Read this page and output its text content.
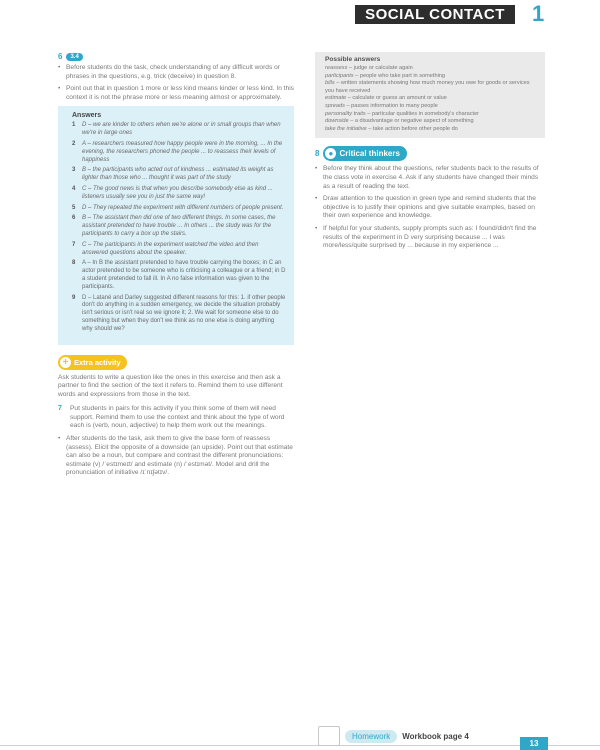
SOCIAL CONTACT	1
6	3.4
• Before students do the task, check understanding of any difficult words or phrases in the questions, e.g. trick (deceive) in question 8.
• Point out that in question 1 more or less kind means kinder or less kind. In this context it is not the phrase more or less meaning almost or approximately.
Answers
1	D – we are kinder to others when we're alone or in small groups than when we're in large ones
2	A – researchers measured how happy people were in the morning, ... In the evening, the researchers phoned the people ... to reassess their levels of happiness
3	B – the participants who acted out of kindness ... estimated its weight as lighter than those who ... thought it was part of the study
4	C – The good news is that when you describe somebody else as kind ... listeners usually see you in just the same way!
5	D – They repeated the experiment with different numbers of people present.
6	B – The assistant then did one of two different things. In some cases, the assistant pretended to have trouble ... In others ... the study was for the participants to carry a box up the stairs.
7	C – The participants in the experiment watched the video and then answered questions about the speaker.
8	A – In B the assistant pretended to have trouble carrying the boxes; in C an actor pretended to be someone who is criticising a colleague or a friend; in D a student pretended to fall ill. In A no false information was given to the participants.
9	D – Latané and Darley suggested different reasons for this: 1. if other people don't do anything in a sudden emergency, we decide the situation probably isn't serious or isn't real so we ignore it; 2. We wait for someone else to do something but when they don't we think as no one else is doing anything why should we?
+ Extra activity
Ask students to write a question like the ones in this exercise and then ask a partner to find the section of the text it refers to. Remind them to use different words and expressions from those in the text.
7	Put students in pairs for this activity if you think some of them will need support. Remind them to use the context and think about the type of word each is (verb, noun, adjective) to help them work out the meanings.
• After students do the task, ask them to give the base form of reassess (assess). Elicit the opposite of a downside (an upside). Point out that estimate can also be a noun, but compare and contrast the different pronunciations: estimate (v) /ˈestɪmeɪt/ and estimate (n) /ˈestɪmət/. Model and drill the pronunciation of initiative /ɪˈnɪʃətɪv/.
Possible answers
reassess – judge or calculate again
participants – people who take part in something
bills – written statements showing how much money you owe for goods or services you have received
estimate – calculate or guess an amount or value
spreads – passes information to many people
personality traits – particular qualities in somebody's character
downside – a disadvantage or negative aspect of something
take the initiative – take action before other people do
8	● Critical thinkers
• Before they think about the questions, refer students back to the results of the class vote in exercise 4. Ask if any students have changed their minds as a result of reading the text.
• Draw attention to the question in green type and remind students that the objective is to justify their opinions and give suitable examples, based on their own experience and knowledge.
• If helpful for your students, supply prompts such as: I found/didn't find the results of the experiment in D very surprising because ... I was more/less/quite surprised by ... because in my experience ...
Homework	Workbook page 4
13
